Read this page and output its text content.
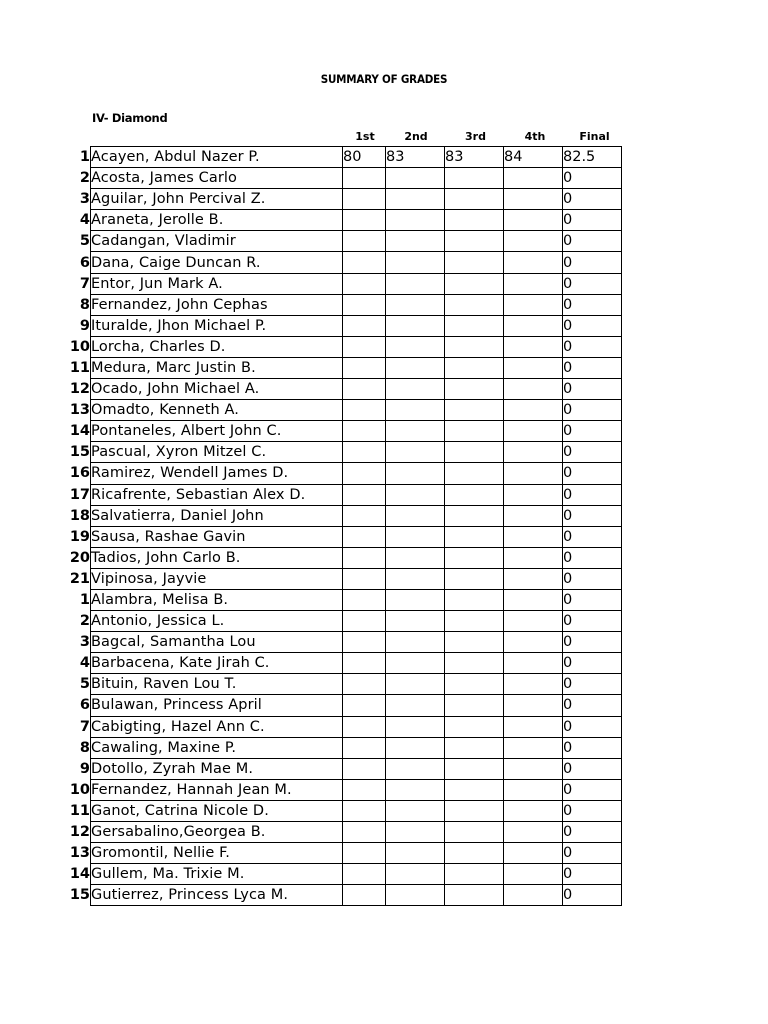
SUMMARY OF GRADES
IV- Diamond
1st	2nd	3rd	4th	Final
1	Acayen, Abdul Nazer P.	80	83	83	84	82.5
2	Acosta, James Carlo					0
3	Aguilar, John Percival Z.					0
4	Araneta, Jerolle B.					0
5	Cadangan, Vladimir					0
6	Dana, Caige Duncan R.					0
7	Entor, Jun Mark A.					0
8	Fernandez, John Cephas					0
9	Ituralde, Jhon Michael P.					0
10	Lorcha, Charles D.					0
11	Medura, Marc Justin B.					0
12	Ocado, John Michael A.					0
13	Omadto, Kenneth A.					0
14	Pontaneles, Albert John C.					0
15	Pascual, Xyron Mitzel C.					0
16	Ramirez, Wendell James D.					0
17	Ricafrente, Sebastian Alex D.					0
18	Salvatierra, Daniel John					0
19	Sausa, Rashae Gavin					0
20	Tadios, John Carlo B.					0
21	Vipinosa, Jayvie					0
1	Alambra, Melisa B.					0
2	Antonio, Jessica L.					0
3	Bagcal, Samantha Lou					0
4	Barbacena, Kate Jirah C.					0
5	Bituin, Raven Lou T.					0
6	Bulawan, Princess April					0
7	Cabigting, Hazel Ann C.					0
8	Cawaling, Maxine P.					0
9	Dotollo, Zyrah Mae M.					0
10	Fernandez, Hannah Jean M.					0
11	Ganot, Catrina Nicole D.					0
12	Gersabalino,Georgea B.					0
13	Gromontil, Nellie F.					0
14	Gullem, Ma. Trixie M.					0
15	Gutierrez, Princess Lyca M.					0
